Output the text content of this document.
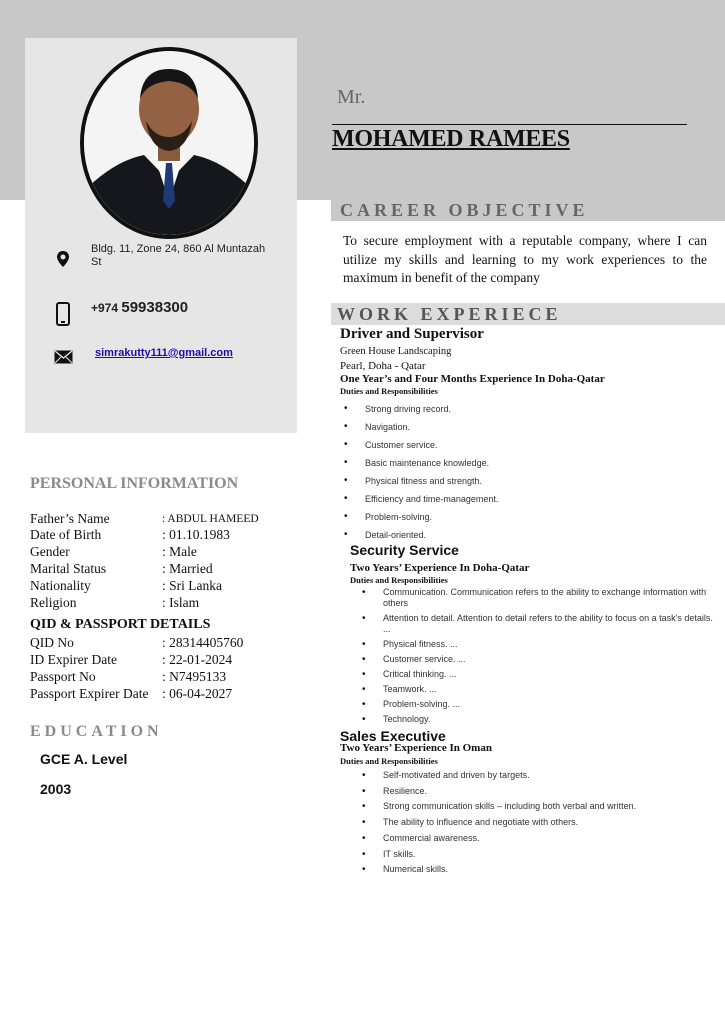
Bldg. 11, Zone 24, 860 Al Muntazah St
+974 59938300
simrakutty111@gmail.com
Mr.
MOHAMED RAMEES
CAREER OBJECTIVE
To secure employment with a reputable company, where I can utilize my skills and learning to my work experiences to the maximum in benefit of the company
WORK EXPERIECE
Driver and Supervisor
Green House Landscaping
Pearl, Doha - Qatar
One Year’s and Four Months Experience In Doha-Qatar
Duties and Responsibilities
• Strong driving record.
• Navigation.
• Customer service.
• Basic maintenance knowledge.
• Physical fitness and strength.
• Efficiency and time-management.
• Problem-solving.
• Detail-oriented.
Security Service
Two Years’ Experience In Doha-Qatar
Duties and Responsibilities
• Communication. Communication refers to the ability to exchange information with others
• Attention to detail. Attention to detail refers to the ability to focus on a task's details. ...
• Physical fitness. ...
• Customer service. ...
• Critical thinking. ...
• Teamwork. ...
• Problem-solving. ...
• Technology.
Sales Executive
Two Years’ Experience In Oman
Duties and Responsibilities
• Self-motivated and driven by targets.
• Resilience.
• Strong communication skills – including both verbal and written.
• The ability to influence and negotiate with others.
• Commercial awareness.
• IT skills.
• Numerical skills.
PERSONAL INFORMATION
Father’s Name	: ABDUL HAMEED
Date of Birth	: 01.10.1983
Gender	: Male
Marital Status	: Married
Nationality	: Sri Lanka
Religion	: Islam
QID & PASSPORT DETAILS
QID No	: 28314405760
ID Expirer Date	: 22-01-2024
Passport No	: N7495133
Passport Expirer Date	: 06-04-2027
EDUCATION
GCE A. Level
2003
